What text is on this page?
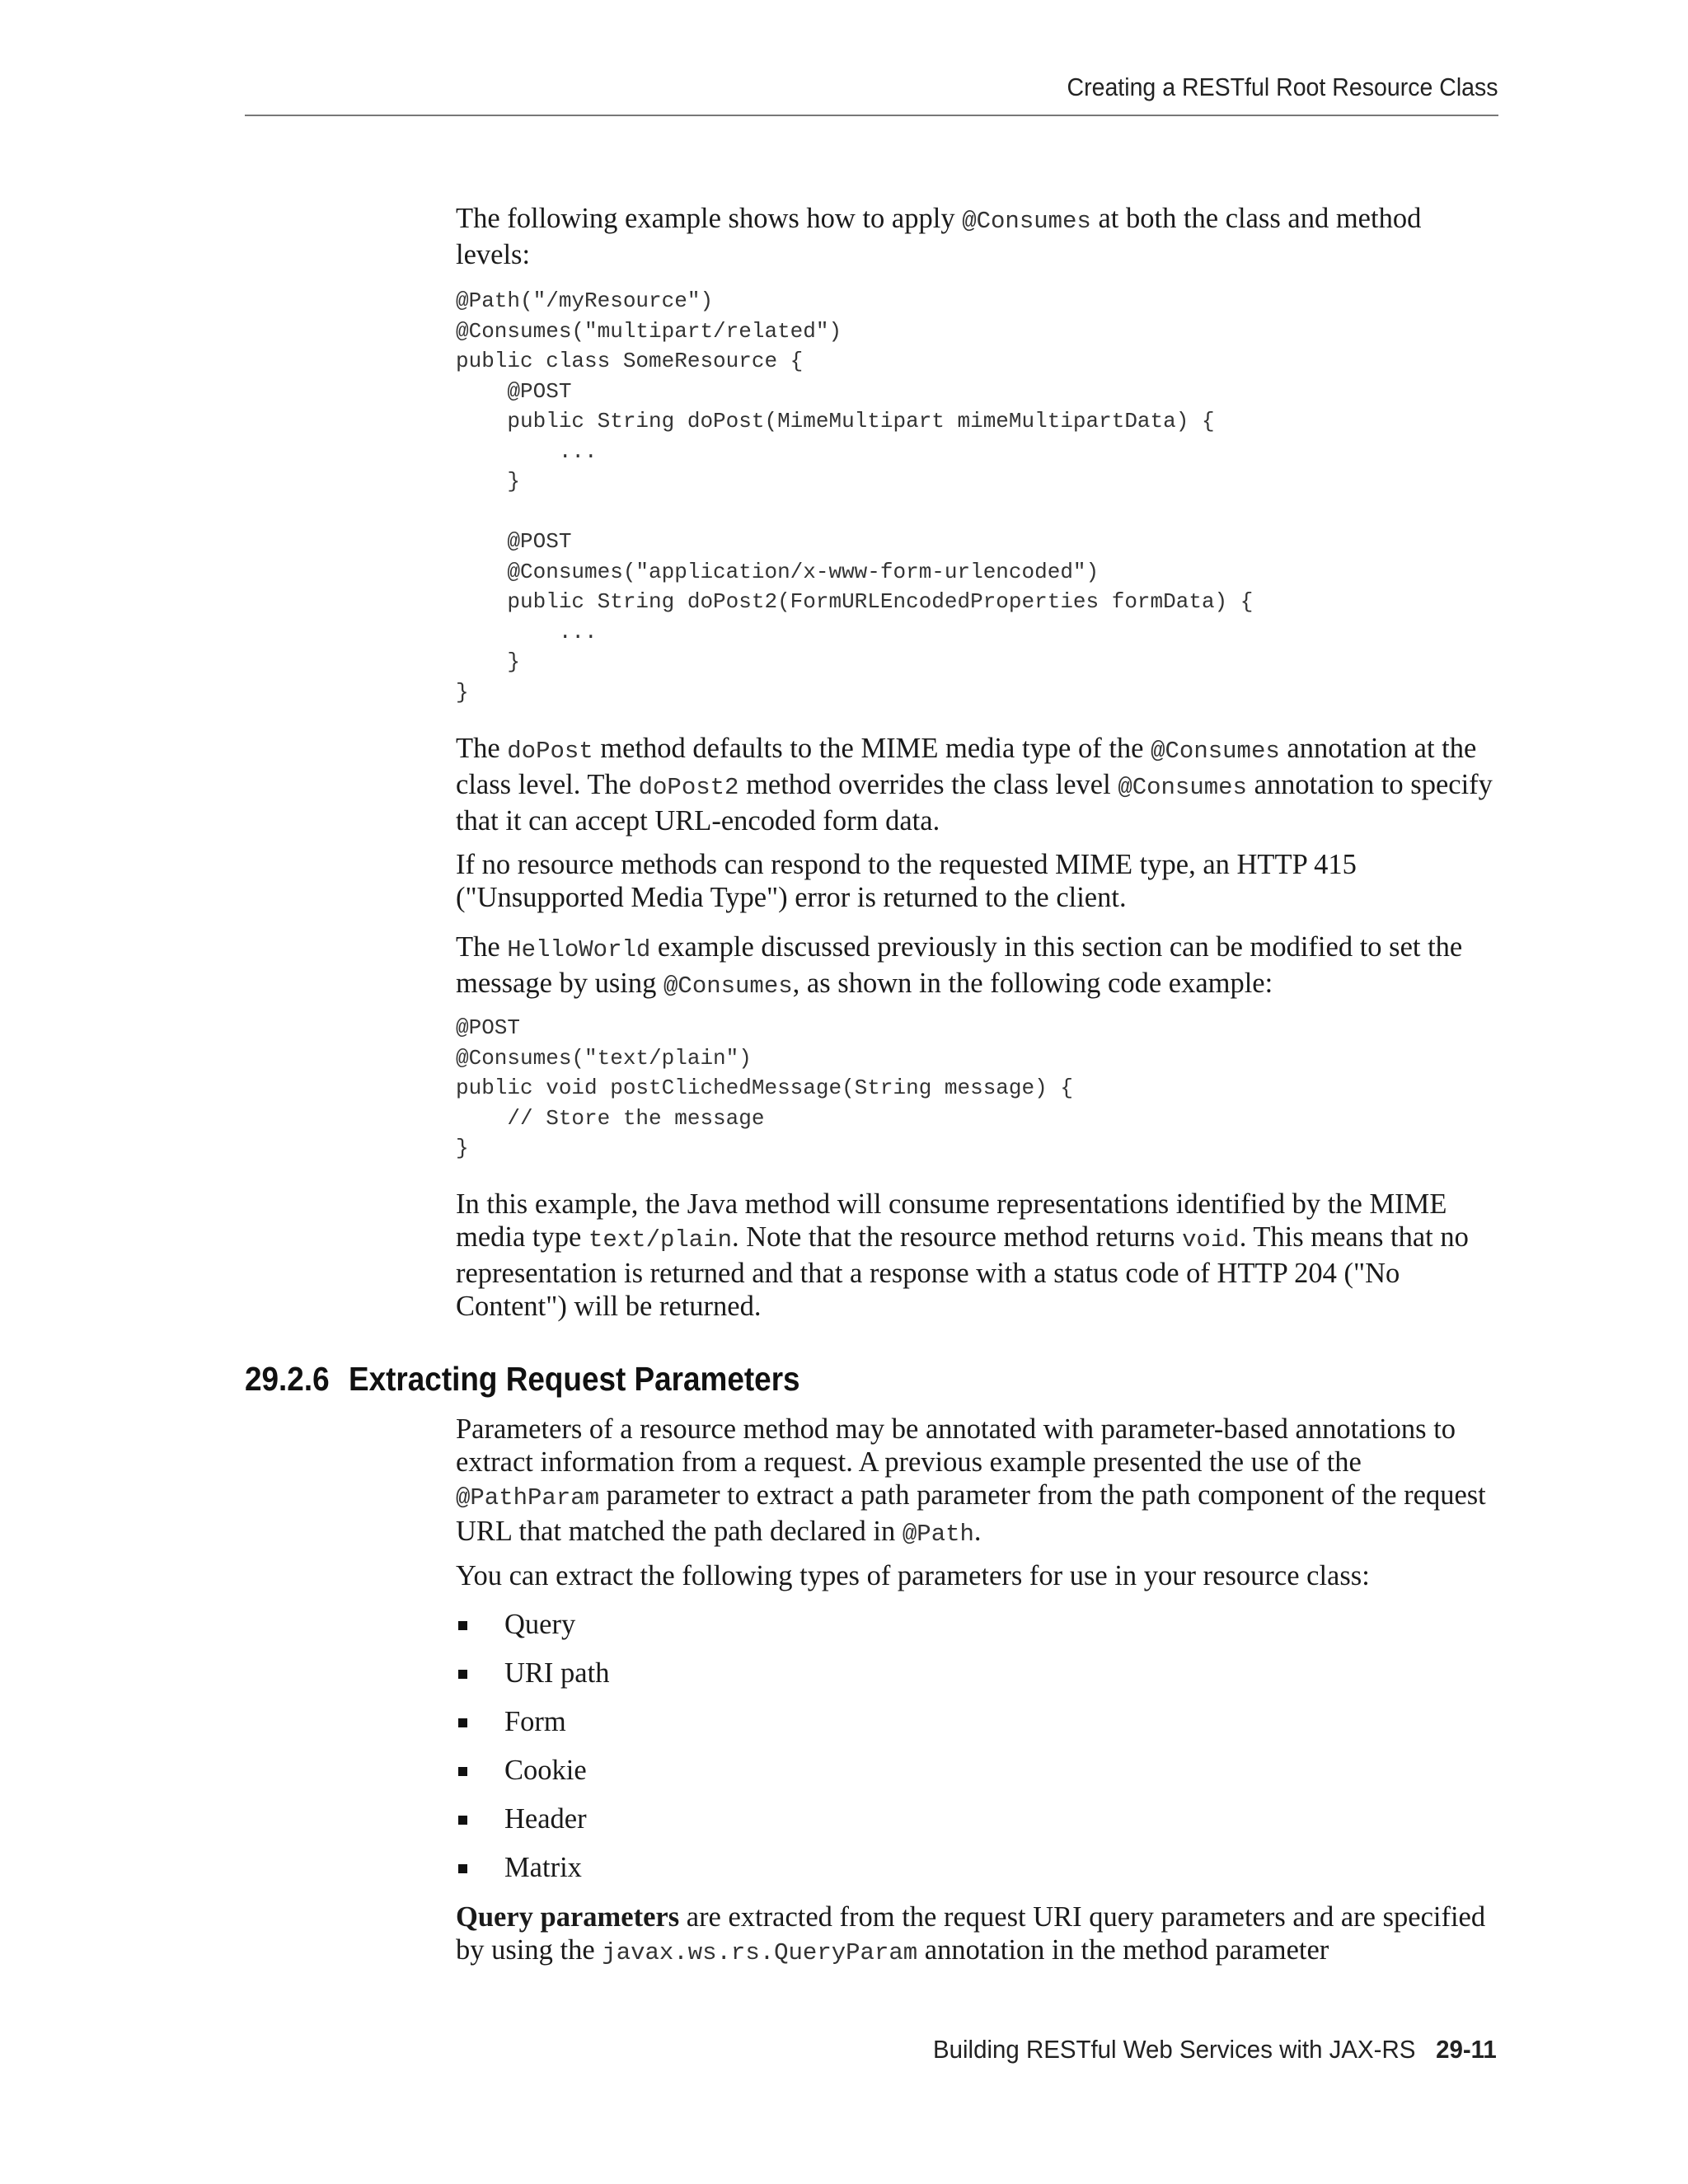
Creating a RESTful Root Resource Class

The following example shows how to apply @Consumes at both the class and method levels:

@Path("/myResource")
@Consumes("multipart/related")
public class SomeResource {
@POST
public String doPost(MimeMultipart mimeMultipartData) {
...
}

@POST
@Consumes("application/x-www-form-urlencoded")
public String doPost2(FormURLEncodedProperties formData) {
...
}
}

The doPost method defaults to the MIME media type of the @Consumes annotation at the class level. The doPost2 method overrides the class level @Consumes annotation to specify that it can accept URL-encoded form data.

If no resource methods can respond to the requested MIME type, an HTTP 415 ("Unsupported Media Type") error is returned to the client.

The HelloWorld example discussed previously in this section can be modified to set the message by using @Consumes, as shown in the following code example:

@POST
@Consumes("text/plain")
public void postClichedMessage(String message) {
// Store the message
}

In this example, the Java method will consume representations identified by the MIME media type text/plain. Note that the resource method returns void. This means that no representation is returned and that a response with a status code of HTTP 204 ("No Content") will be returned.

29.2.6 Extracting Request Parameters

Parameters of a resource method may be annotated with parameter-based annotations to extract information from a request. A previous example presented the use of the @PathParam parameter to extract a path parameter from the path component of the request URL that matched the path declared in @Path.

You can extract the following types of parameters for use in your resource class:

Query
URI path
Form
Cookie
Header
Matrix

Query parameters are extracted from the request URI query parameters and are specified by using the javax.ws.rs.QueryParam annotation in the method parameter

Building RESTful Web Services with JAX-RS 29-11
